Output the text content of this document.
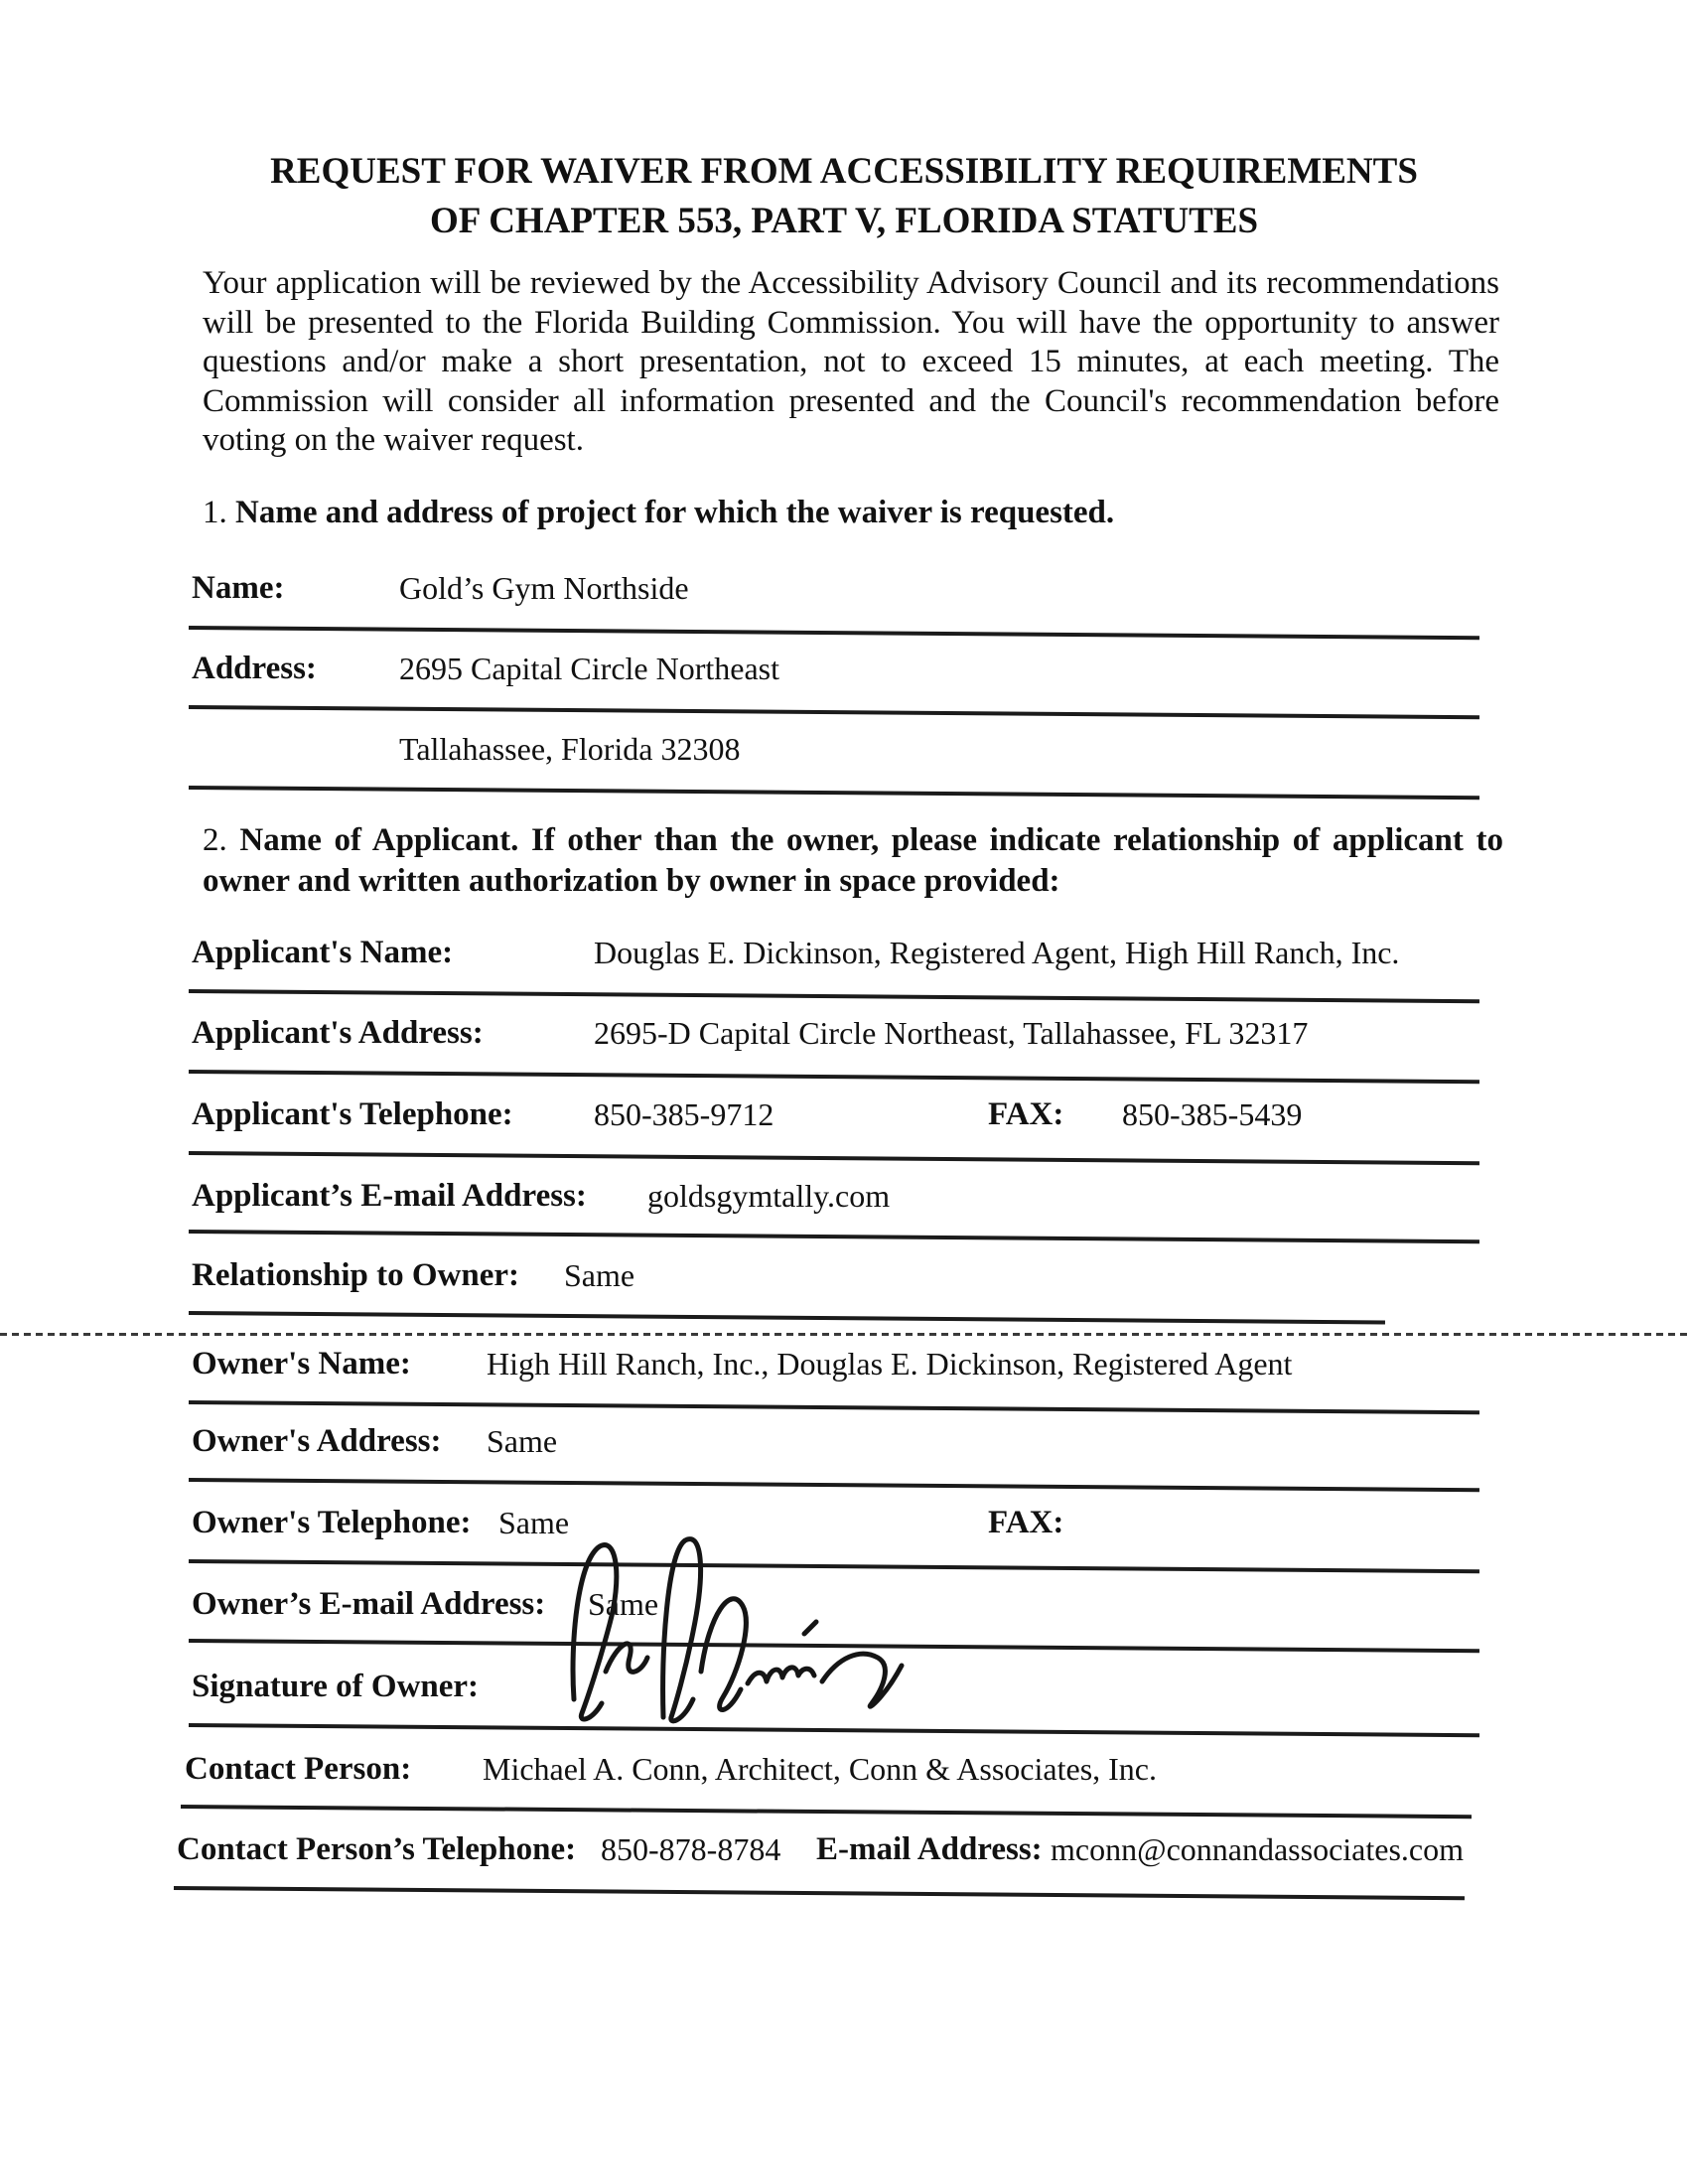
REQUEST FOR WAIVER FROM ACCESSIBILITY REQUIREMENTS
OF CHAPTER 553, PART V, FLORIDA STATUTES
Your application will be reviewed by the Accessibility Advisory Council and its recommendations will be presented to the Florida Building Commission. You will have the opportunity to answer questions and/or make a short presentation, not to exceed 15 minutes, at each meeting. The Commission will consider all information presented and the Council's recommendation before voting on the waiver request.
1. Name and address of project for which the waiver is requested.
Name:	Gold’s Gym Northside
Address:	2695 Capital Circle Northeast
Tallahassee, Florida 32308
2. Name of Applicant. If other than the owner, please indicate relationship of applicant to owner and written authorization by owner in space provided:
Applicant's Name:	Douglas E. Dickinson, Registered Agent, High Hill Ranch, Inc.
Applicant's Address:	2695-D Capital Circle Northeast, Tallahassee, FL 32317
Applicant's Telephone:	850-385-9712	FAX: 850-385-5439
Applicant’s E-mail Address: goldsgymtally.com
Relationship to Owner: Same
Owner's Name: High Hill Ranch, Inc., Douglas E. Dickinson, Registered Agent
Owner's Address: Same
Owner's Telephone: Same	FAX:
Owner’s E-mail Address: Same
Signature of Owner:
Contact Person: Michael A. Conn, Architect, Conn & Associates, Inc.
Contact Person’s Telephone: 850-878-8784 E-mail Address: mconn@connandassociates.com
